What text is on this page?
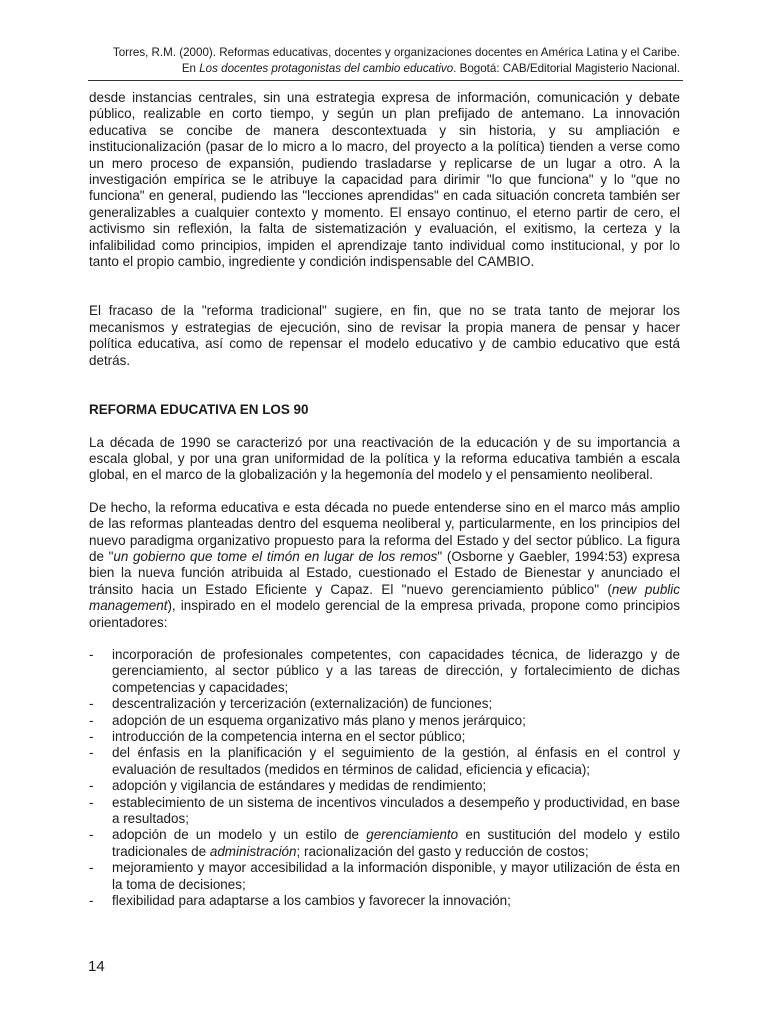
Torres, R.M. (2000). Reformas educativas, docentes y organizaciones docentes en América Latina y el Caribe.
En Los docentes protagonistas del cambio educativo. Bogotá: CAB/Editorial Magisterio Nacional.

desde instancias centrales, sin una estrategia expresa de información, comunicación y debate público, realizable en corto tiempo, y según un plan prefijado de antemano. La innovación educativa se concibe de manera descontextuada y sin historia, y su ampliación e institucionalización (pasar de lo micro a lo macro, del proyecto a la política) tienden a verse como un mero proceso de expansión, pudiendo trasladarse y replicarse de un lugar a otro. A la investigación empírica se le atribuye la capacidad para dirimir "lo que funciona" y lo "que no funciona" en general, pudiendo las "lecciones aprendidas" en cada situación concreta también ser generalizables a cualquier contexto y momento. El ensayo continuo, el eterno partir de cero, el activismo sin reflexión, la falta de sistematización y evaluación, el exitismo, la certeza y la infalibilidad como principios, impiden el aprendizaje tanto individual como institucional, y por lo tanto el propio cambio, ingrediente y condición indispensable del CAMBIO.

El fracaso de la "reforma tradicional" sugiere, en fin, que no se trata tanto de mejorar los mecanismos y estrategias de ejecución, sino de revisar la propia manera de pensar y hacer política educativa, así como de repensar el modelo educativo y de cambio educativo que está detrás.

REFORMA EDUCATIVA EN LOS 90

La década de 1990 se caracterizó por una reactivación de la educación y de su importancia a escala global, y por una gran uniformidad de la política y la reforma educativa también a escala global, en el marco de la globalización y la hegemonía del modelo y el pensamiento neoliberal.

De hecho, la reforma educativa e esta década no puede entenderse sino en el marco más amplio de las reformas planteadas dentro del esquema neoliberal y, particularmente, en los principios del nuevo paradigma organizativo propuesto para la reforma del Estado y del sector público. La figura de "un gobierno que tome el timón en lugar de los remos" (Osborne y Gaebler, 1994:53) expresa bien la nueva función atribuida al Estado, cuestionado el Estado de Bienestar y anunciado el tránsito hacia un Estado Eficiente y Capaz. El "nuevo gerenciamiento público" (new public management), inspirado en el modelo gerencial de la empresa privada, propone como principios orientadores:

- incorporación de profesionales competentes, con capacidades técnica, de liderazgo y de gerenciamiento, al sector público y a las tareas de dirección, y fortalecimiento de dichas competencias y capacidades;
- descentralización y tercerización (externalización) de funciones;
- adopción de un esquema organizativo más plano y menos jerárquico;
- introducción de la competencia interna en el sector público;
- del énfasis en la planificación y el seguimiento de la gestión, al énfasis en el control y evaluación de resultados (medidos en términos de calidad, eficiencia y eficacia);
- adopción y vigilancia de estándares y medidas de rendimiento;
- establecimiento de un sistema de incentivos vinculados a desempeño y productividad, en base a resultados;
- adopción de un modelo y un estilo de gerenciamiento en sustitución del modelo y estilo tradicionales de administración; racionalización del gasto y reducción de costos;
- mejoramiento y mayor accesibilidad a la información disponible, y mayor utilización de ésta en la toma de decisiones;
- flexibilidad para adaptarse a los cambios y favorecer la innovación;
14
